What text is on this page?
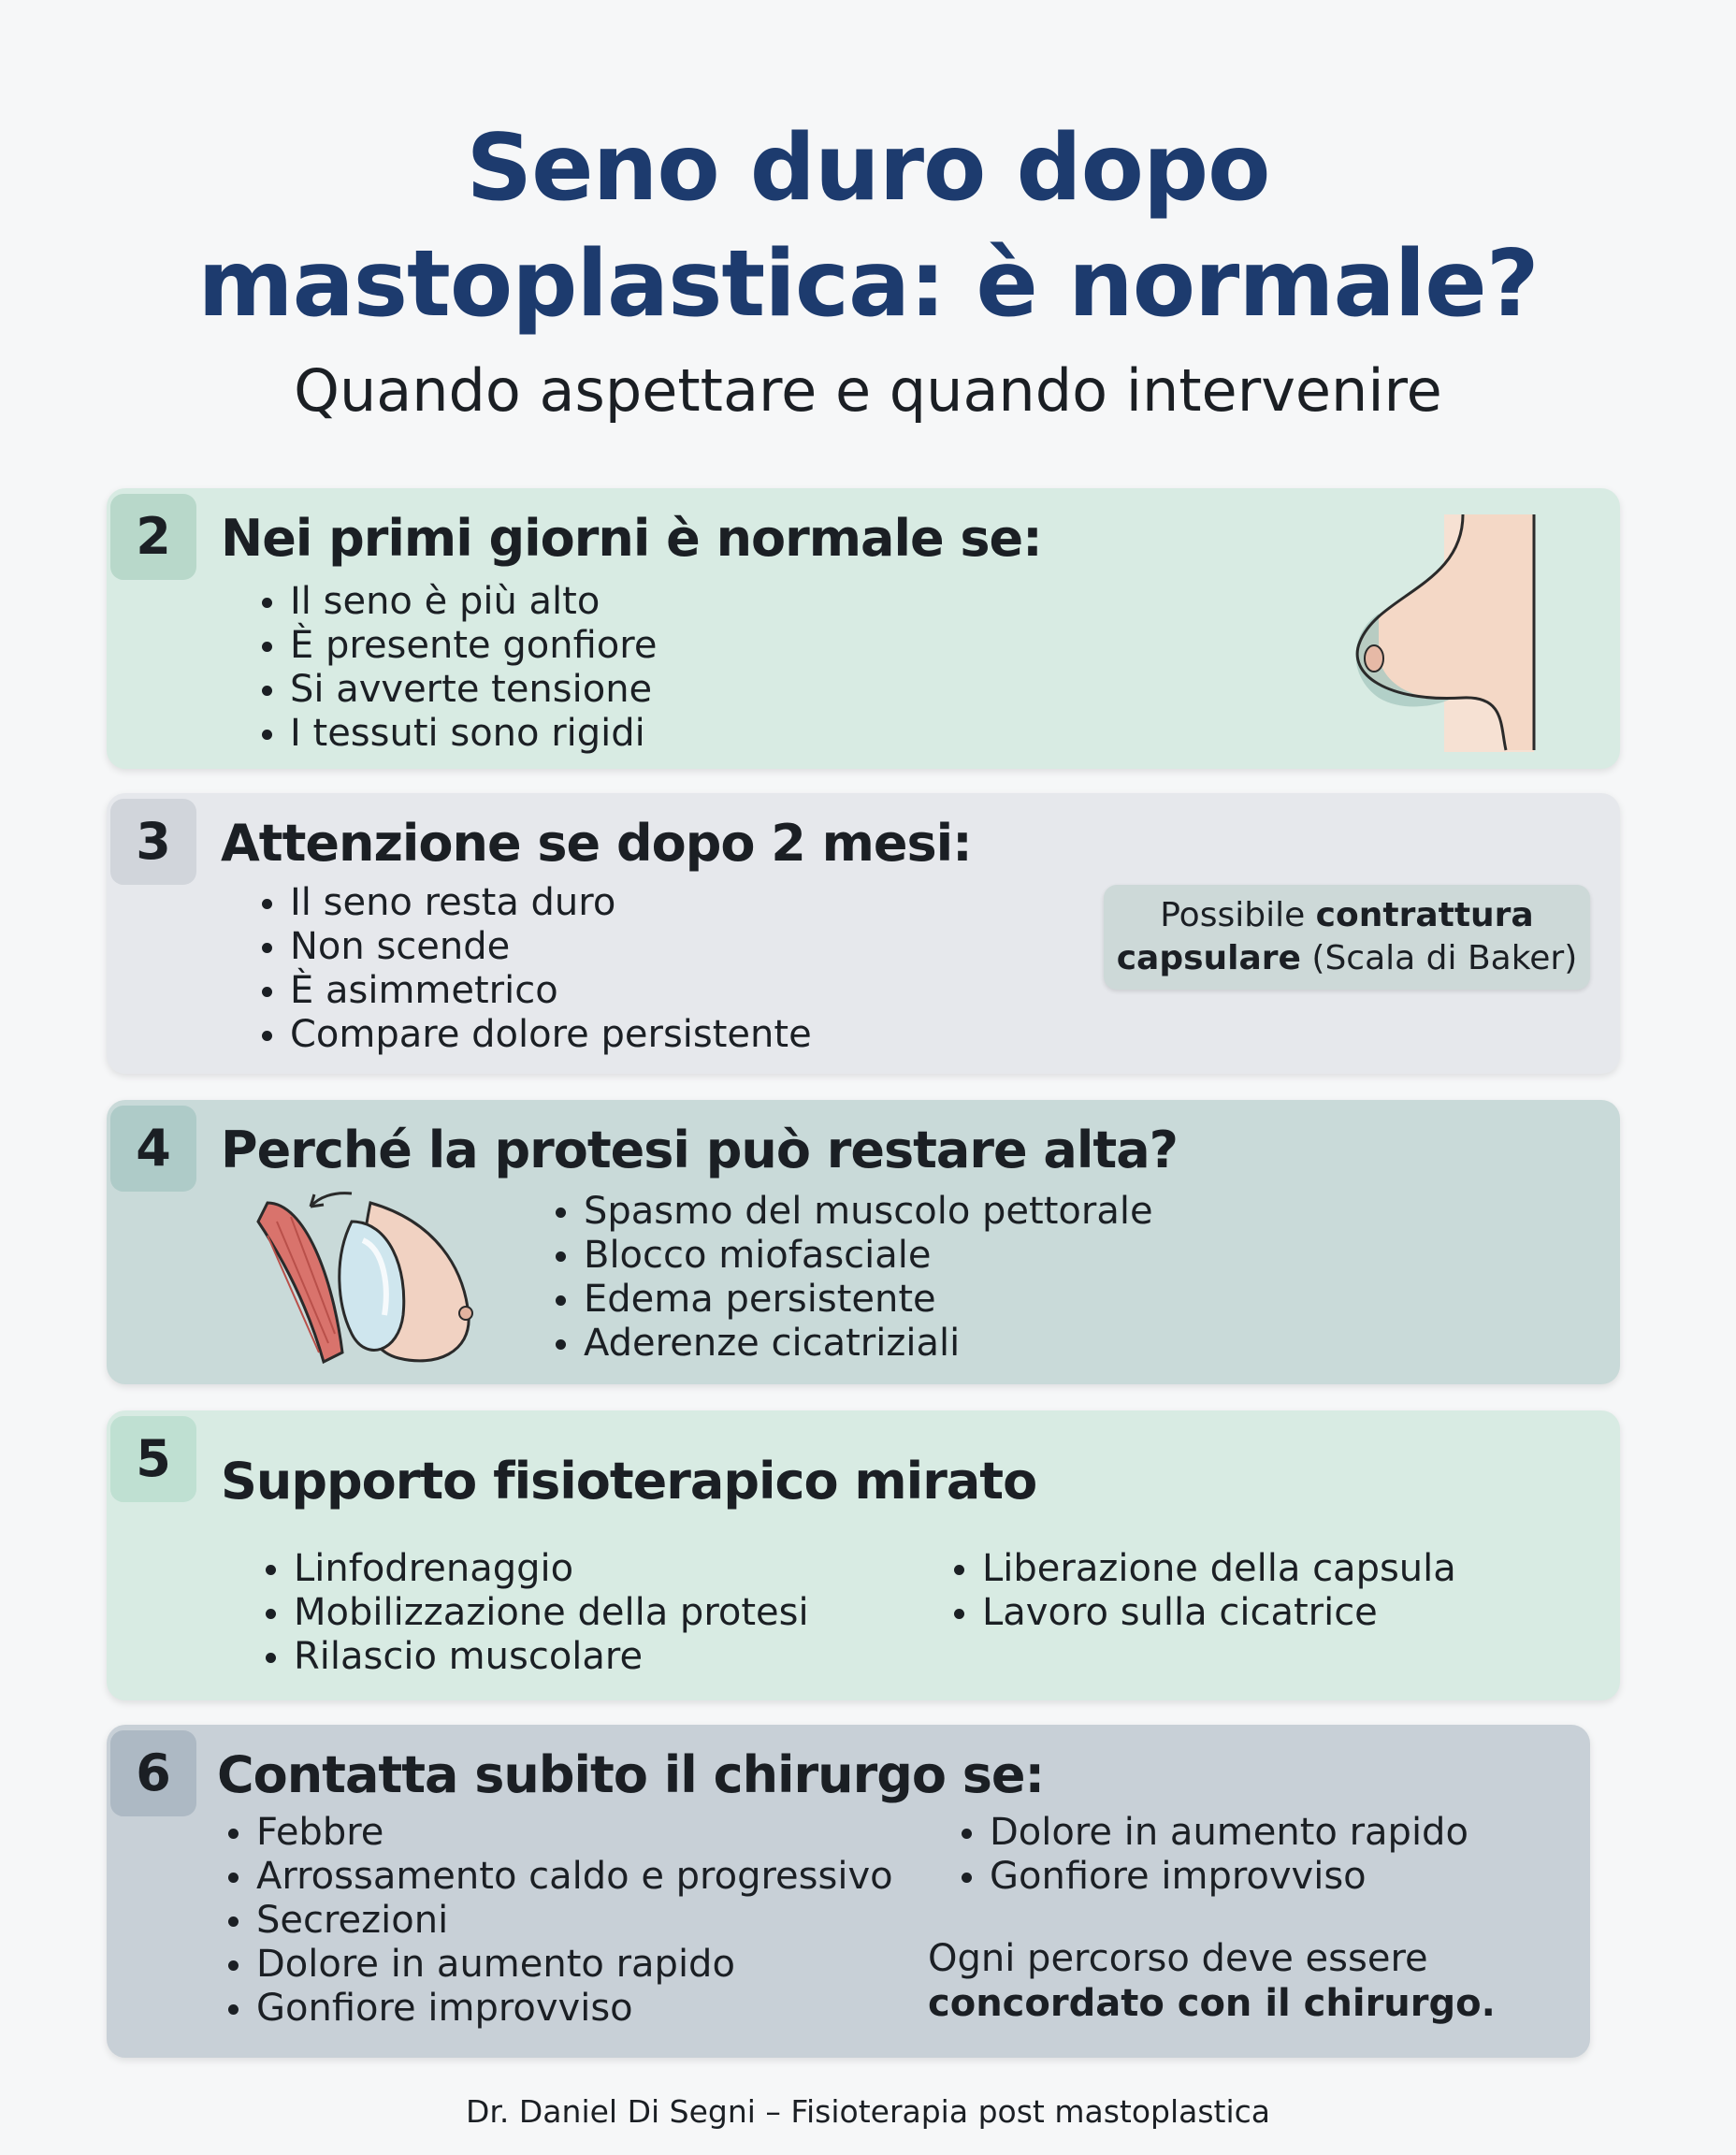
Seno duro dopo
mastoplastica: è normale?
Quando aspettare e quando intervenire
2 Nei primi giorni è normale se:
Il seno è più alto
È presente gonfiore
Si avverte tensione
I tessuti sono rigidi
3 Attenzione se dopo 2 mesi:
Il seno resta duro
Non scende
È asimmetrico
Compare dolore persistente
Possibile contrattura
capsulare (Scala di Baker)
4 Perché la protesi può restare alta?
Spasmo del muscolo pettorale
Blocco miofasciale
Edema persistente
Aderenze cicatriziali
5 Supporto fisioterapico mirato
Linfodrenaggio
Mobilizzazione della protesi
Rilascio muscolare
Liberazione della capsula
Lavoro sulla cicatrice
6 Contatta subito il chirurgo se:
Febbre
Arrossamento caldo e progressivo
Secrezioni
Dolore in aumento rapido
Gonfiore improvviso
Dolore in aumento rapido
Gonfiore improvviso
Ogni percorso deve essere
concordato con il chirurgo.
Dr. Daniel Di Segni – Fisioterapia post mastoplastica
